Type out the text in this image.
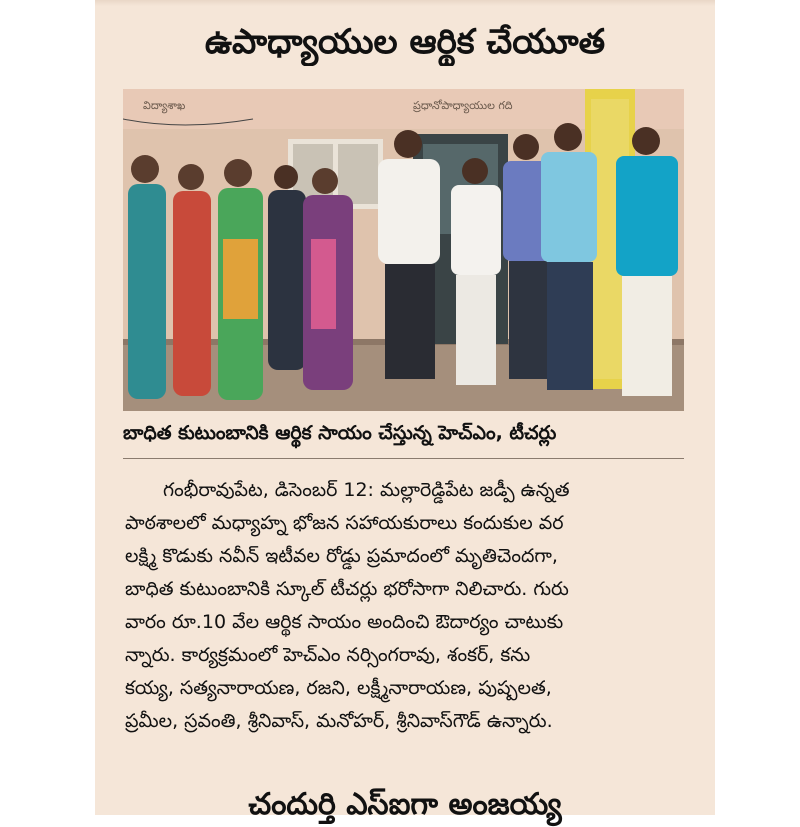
ఉపాధ్యాయుల ఆర్థిక చేయూత
విద్యాశాఖ	ప్రధానోపాధ్యాయుల గది
బాధిత కుటుంబానికి ఆర్థిక సాయం చేస్తున్న హెచ్‌ఎం, టీచర్లు
గంభీరావుపేట, డిసెంబర్ 12: మల్లారెడ్డిపేట జడ్పీ ఉన్నత
పాఠశాలలో మధ్యాహ్న భోజన సహాయకురాలు కందుకుల వర
లక్ష్మి కొడుకు నవీన్ ఇటీవల రోడ్డు ప్రమాదంలో మృతిచెందగా,
బాధిత కుటుంబానికి స్కూల్ టీచర్లు భరోసాగా నిలిచారు. గురు
వారం రూ.10 వేల ఆర్థిక సాయం అందించి ఔదార్యం చాటుకు
న్నారు. కార్యక్రమంలో హెచ్‌ఎం నర్సింగరావు, శంకర్, కను
కయ్య, సత్యనారాయణ, రజని, లక్ష్మీనారాయణ, పుష్పలత,
ప్రమీల, స్రవంతి, శ్రీనివాస్, మనోహర్, శ్రీనివాస్‌గౌడ్ ఉన్నారు.
చందుర్తి ఎస్ఐగా అంజయ్య
